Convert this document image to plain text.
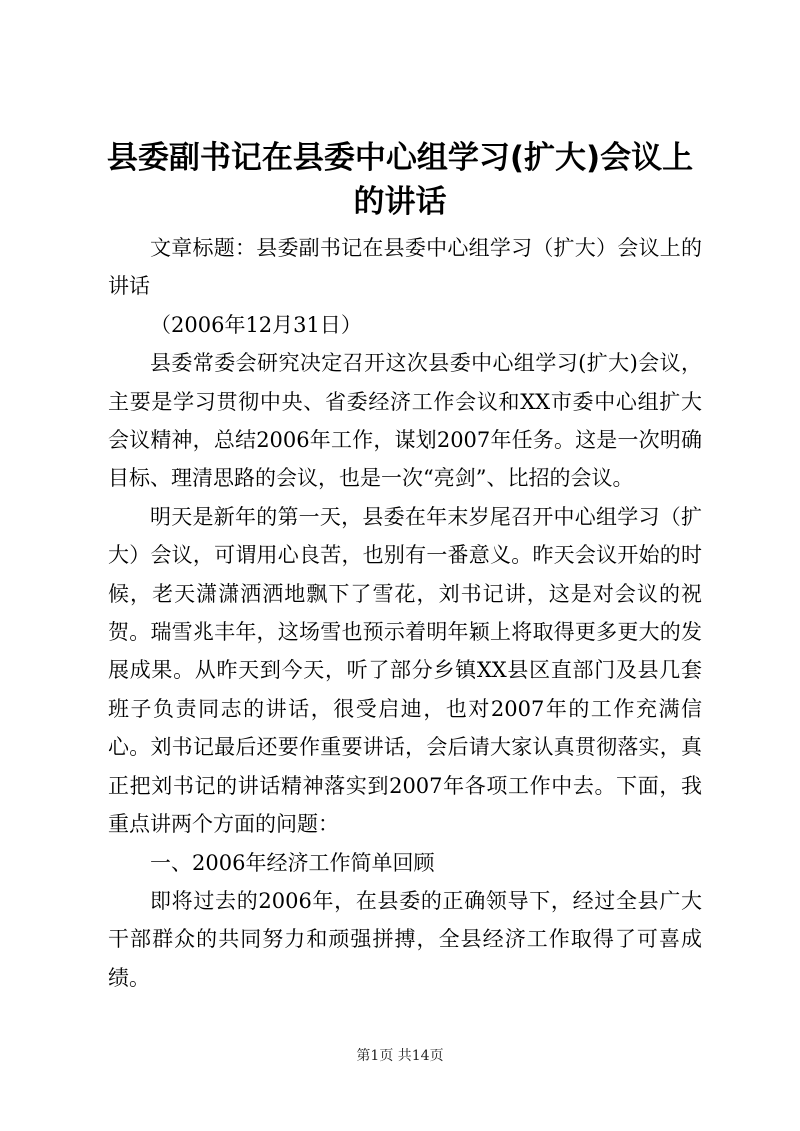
县委副书记在县委中心组学习(扩大)会议上的讲话

文章标题：县委副书记在县委中心组学习（扩大）会议上的讲话

（2006年12月31日）

县委常委会研究决定召开这次县委中心组学习(扩大)会议，主要是学习贯彻中央、省委经济工作会议和XX市委中心组扩大会议精神，总结2006年工作，谋划2007年任务。这是一次明确目标、理清思路的会议，也是一次“亮剑”、比招的会议。

明天是新年的第一天，县委在年末岁尾召开中心组学习（扩大）会议，可谓用心良苦，也别有一番意义。昨天会议开始的时候，老天潇潇洒洒地飘下了雪花，刘书记讲，这是对会议的祝贺。瑞雪兆丰年，这场雪也预示着明年颖上将取得更多更大的发展成果。从昨天到今天，听了部分乡镇XX县区直部门及县几套班子负责同志的讲话，很受启迪，也对2007年的工作充满信心。刘书记最后还要作重要讲话，会后请大家认真贯彻落实，真正把刘书记的讲话精神落实到2007年各项工作中去。下面，我重点讲两个方面的问题：

一、2006年经济工作简单回顾

即将过去的2006年，在县委的正确领导下，经过全县广大干部群众的共同努力和顽强拼搏，全县经济工作取得了可喜成绩。

第1页 共14页
